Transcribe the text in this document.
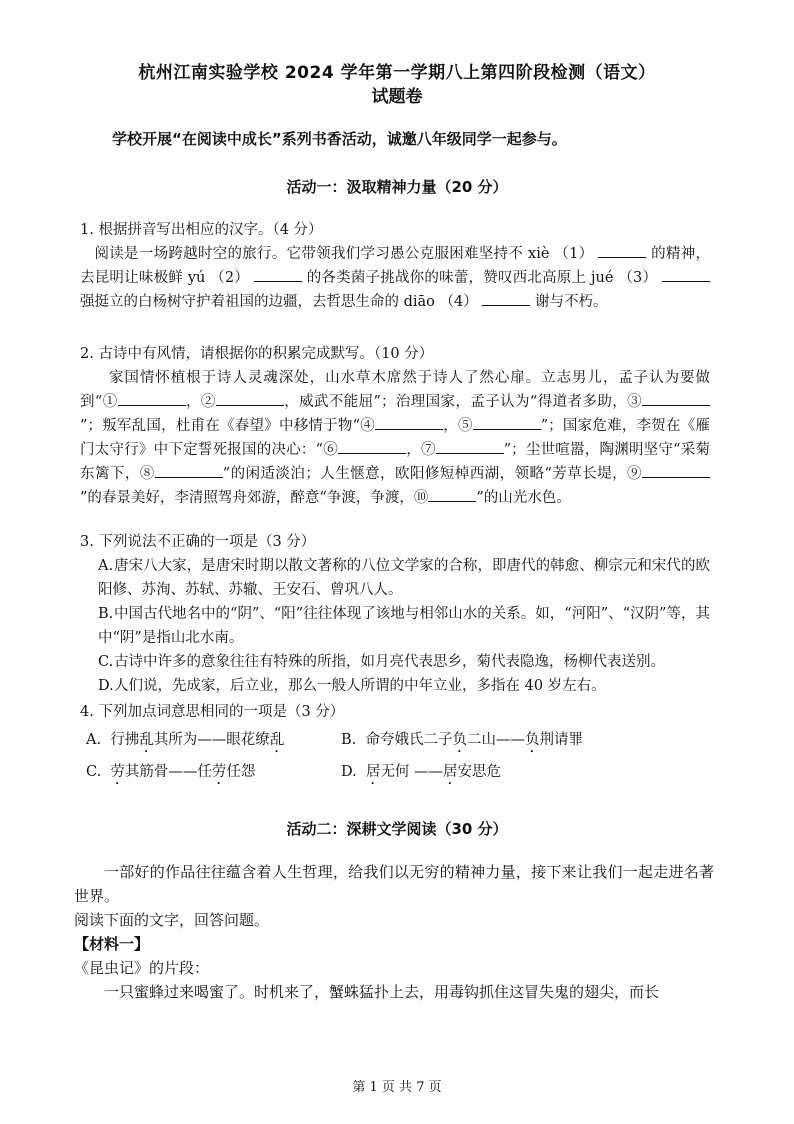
杭州江南实验学校 2024 学年第一学期八上第四阶段检测（语文）
试题卷
学校开展“在阅读中成长”系列书香活动，诚邀八年级同学一起参与。
活动一：汲取精神力量（20 分）

1. 根据拼音写出相应的汉字。（4 分）

阅读是一场跨越时空的旅行。它带领我们学习愚公克服困难坚持不 xiè （1）	的精神，去昆明让味极鲜 yú （2）	的各类菌子挑战你的味蕾，赞叹西北高原上 jué （3）  强挺立的白杨树守护着祖国的边疆，去哲思生命的 diāo （4）	谢与不朽。

2. 古诗中有风情，请根据你的积累完成默写。（10 分）

家国情怀植根于诗人灵魂深处，山水草木席然于诗人了然心扉。立志男儿，孟子认为要做到“①	，②	，威武不能屈”；治理国家，孟子认为“得道者多助，③”；叛军乱国，杜甫在《春望》中移情于物“④	，⑤	”；国家危难，李贺在《雁门太守行》中下定誓死报国的决心：“⑥	，⑦	”；尘世喧嚣，陶渊明坚守“采菊东篱下，⑧	”的闲适淡泊；人生惬意，欧阳修短棹西湖，领略“芳草长堤，⑨”的春景美好，李清照驾舟郊游，醉意“争渡，争渡，⑩	”的山光水色。

3. 下列说法不正确的一项是（3 分）

A.唐宋八大家，是唐宋时期以散文著称的八位文学家的合称，即唐代的韩愈、柳宗元和宋代的欧阳修、苏洵、苏轼、苏辙、王安石、曾巩八人。

B.中国古代地名中的“阴”、“阳”往往体现了该地与相邻山水的关系。如，“河阳”、“汉阴”等，其中“阴”是指山北水南。

C.古诗中许多的意象往往有特殊的所指，如月亮代表思乡，菊代表隐逸，杨柳代表送别。

D.人们说，先成家，后立业，那么一般人所谓的中年立业，多指在 40 岁左右。

4. 下列加点词意思相同的一项是（3 分）

A. 行拂乱其所为——眼花缭乱	B. 命夸娥氏二子负二山——负荆请罪
C. 劳其筋骨——任劳任怨	D. 居无何 ——居安思危
活动二：深耕文学阅读（30 分）

一部好的作品往往蕴含着人生哲理，给我们以无穷的精神力量，接下来让我们一起走进名著世界。

阅读下面的文字，回答问题。

【材料一】

《昆虫记》的片段：

一只蜜蜂过来喝蜜了。时机来了，蟹蛛猛扑上去，用毒钩抓住这冒失鬼的翅尖，而长

第 1 页 共 7 页
